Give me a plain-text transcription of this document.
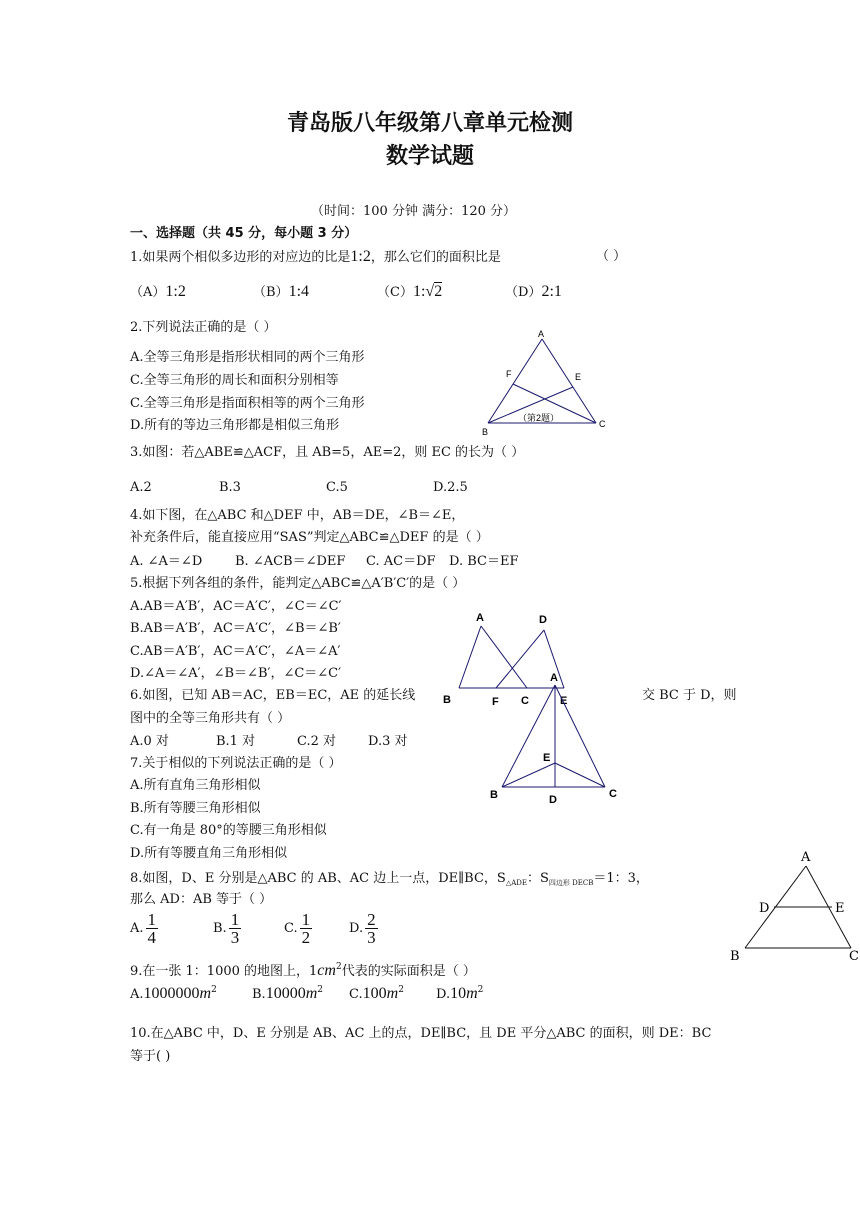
青岛版八年级第八章单元检测
数学试题
（时间：100 分钟 满分：120 分）
一、选择题（共 45 分，每小题 3 分）
1.如果两个相似多边形的对应边的比是1:2，那么它们的面积比是	（ ）
（A）1:2	（B）1:4	（C）1:√2	（D）2:1
2.下列说法正确的是（ ）
A.全等三角形是指形状相同的两个三角形
C.全等三角形的周长和面积分别相等
C.全等三角形是指面积相等的两个三角形
D.所有的等边三角形都是相似三角形
A
B
C
E
F
（第2题）
3.如图：若△ABE≌△ACF，且 AB=5，AE=2，则 EC 的长为（ ）
A.2	B.3	C.5	D.2.5
4.如下图，在△ABC 和△DEF 中，AB＝DE，∠B＝∠E，
补充条件后，能直接应用“SAS”判定△ABC≌△DEF 的是（ ）
A. ∠A＝∠D	B. ∠ACB＝∠DEF C. AC＝DF D. BC＝EF
5.根据下列各组的条件，能判定△ABC≌△A′B′C′的是（ ）
A.AB＝A′B′，AC＝A′C′，∠C＝∠C′
B.AB＝A′B′，AC＝A′C′，∠B＝∠B′
C.AB＝A′B′，AC＝A′C′，∠A＝∠A′
D.∠A＝∠A′，∠B＝∠B′，∠C＝∠C′
A
B	F C
D
E
6.如图，已知 AB＝AC，EB＝EC，AE 的延长线	交 BC 于 D，则
图中的全等三角形共有（ ）
A.0 对	B.1 对	C.2 对 D.3 对
A
E
B	D	C
7.关于相似的下列说法正确的是（ ）
A.所有直角三角形相似
B.所有等腰三角形相似
C.有一角是 80°的等腰三角形相似
D.所有等腰直角三角形相似
8.如图，D、E 分别是△ABC 的 AB、AC 边上一点，DE∥BC，$S_{\triangle ADE}$：$S_{四边形 DECB}=1$：3，
那么 AD：AB 等于（ ）
A. $\frac{1}{4}$	B. $\frac{1}{3}$	C. $\frac{1}{2}$	D. $\frac{2}{3}$
A
D	E
B	C
9.在一张 1：1000 的地图上，$1cm^2$代表的实际面积是（ ）
$A.1000000m^2$	$B.10000m^2$ $C.100m^2$ $D.10m^2$
10.在△ABC 中，D、E 分别是 AB、AC 上的点，DE∥BC，且 DE 平分△ABC 的面积，则 DE：BC
等于( )
